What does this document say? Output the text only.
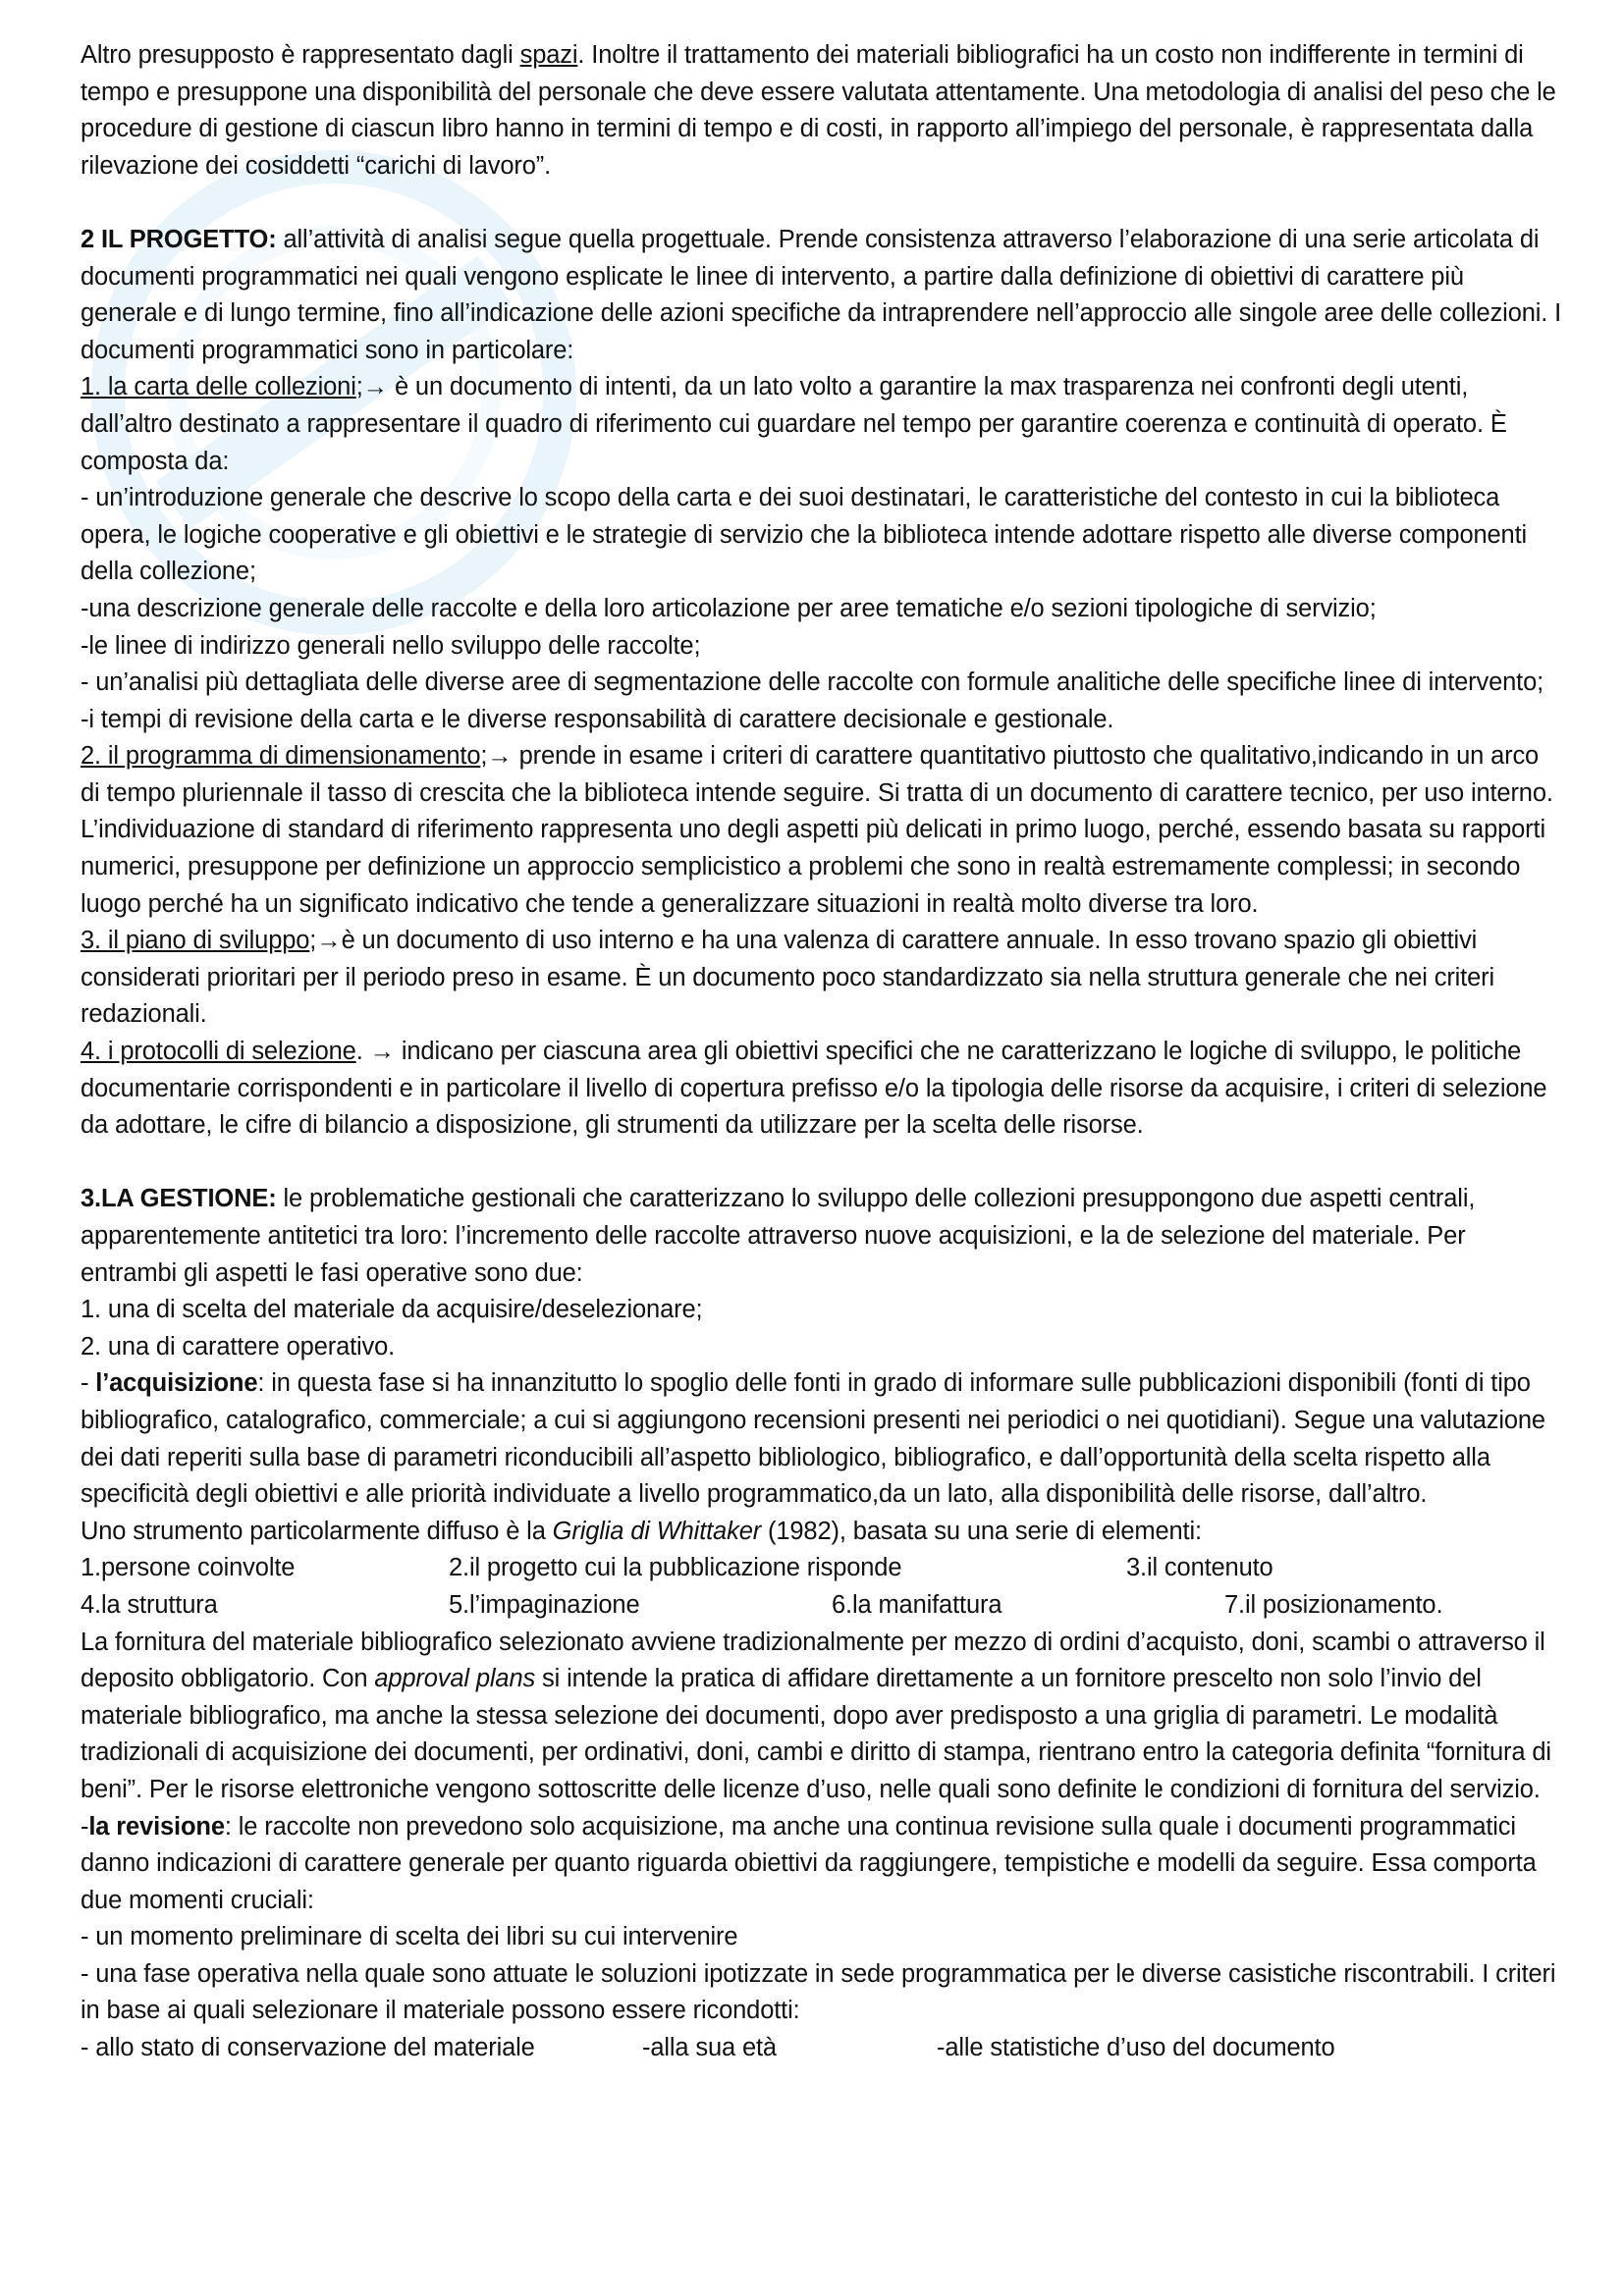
Altro presupposto è rappresentato dagli spazi. Inoltre il trattamento dei materiali bibliografici ha un costo non indifferente in termini di tempo e presuppone una disponibilità del personale che deve essere valutata attentamente. Una metodologia di analisi del peso che le procedure di gestione di ciascun libro hanno in termini di tempo e di costi, in rapporto all’impiego del personale, è rappresentata dalla rilevazione dei cosiddetti “carichi di lavoro”.

2 IL PROGETTO: all’attività di analisi segue quella progettuale. Prende consistenza attraverso l’elaborazione di una serie articolata di documenti programmatici nei quali vengono esplicate le linee di intervento, a partire dalla definizione di obiettivi di carattere più generale e di lungo termine, fino all’indicazione delle azioni specifiche da intraprendere nell’approccio alle singole aree delle collezioni. I documenti programmatici sono in particolare:

1. la carta delle collezioni;→ è un documento di intenti, da un lato volto a garantire la max trasparenza nei confronti degli utenti, dall’altro destinato a rappresentare il quadro di riferimento cui guardare nel tempo per garantire coerenza e continuità di operato. È composta da:

- un’introduzione generale che descrive lo scopo della carta e dei suoi destinatari, le caratteristiche del contesto in cui la biblioteca opera, le logiche cooperative e gli obiettivi e le strategie di servizio che la biblioteca intende adottare rispetto alle diverse componenti della collezione;

-una descrizione generale delle raccolte e della loro articolazione per aree tematiche e/o sezioni tipologiche di servizio;

-le linee di indirizzo generali nello sviluppo delle raccolte;

- un’analisi più dettagliata delle diverse aree di segmentazione delle raccolte con formule analitiche delle specifiche linee di intervento;

-i tempi di revisione della carta e le diverse responsabilità di carattere decisionale e gestionale.

2. il programma di dimensionamento;→ prende in esame i criteri di carattere quantitativo piuttosto che qualitativo,indicando in un arco di tempo pluriennale il tasso di crescita che la biblioteca intende seguire. Si tratta di un documento di carattere tecnico, per uso interno. L’individuazione di standard di riferimento rappresenta uno degli aspetti più delicati in primo luogo, perché, essendo basata su rapporti numerici, presuppone per definizione un approccio semplicistico a problemi che sono in realtà estremamente complessi; in secondo luogo perché ha un significato indicativo che tende a generalizzare situazioni in realtà molto diverse tra loro.

3. il piano di sviluppo;→è un documento di uso interno e ha una valenza di carattere annuale. In esso trovano spazio gli obiettivi considerati prioritari per il periodo preso in esame. È un documento poco standardizzato sia nella struttura generale che nei criteri redazionali.

4. i protocolli di selezione. → indicano per ciascuna area gli obiettivi specifici che ne caratterizzano le logiche di sviluppo, le politiche documentarie corrispondenti e in particolare il livello di copertura prefisso e/o la tipologia delle risorse da acquisire, i criteri di selezione da adottare, le cifre di bilancio a disposizione, gli strumenti da utilizzare per la scelta delle risorse.

3.LA GESTIONE: le problematiche gestionali che caratterizzano lo sviluppo delle collezioni presuppongono due aspetti centrali, apparentemente antitetici tra loro: l’incremento delle raccolte attraverso nuove acquisizioni, e la de selezione del materiale. Per entrambi gli aspetti le fasi operative sono due:

1. una di scelta del materiale da acquisire/deselezionare;

2. una di carattere operativo.

- l’acquisizione: in questa fase si ha innanzitutto lo spoglio delle fonti in grado di informare sulle pubblicazioni disponibili (fonti di tipo bibliografico, catalografico, commerciale; a cui si aggiungono recensioni presenti nei periodici o nei quotidiani). Segue una valutazione dei dati reperiti sulla base di parametri riconducibili all’aspetto bibliologico, bibliografico, e dall’opportunità della scelta rispetto alla specificità degli obiettivi e alle priorità individuate a livello programmatico,da un lato, alla disponibilità delle risorse, dall’altro.

Uno strumento particolarmente diffuso è la Griglia di Whittaker (1982), basata su una serie di elementi:

1.persone coinvolte	2.il progetto cui la pubblicazione risponde	3.il contenuto
4.la struttura	5.l’impaginazione	6.la manifattura	7.il posizionamento.

La fornitura del materiale bibliografico selezionato avviene tradizionalmente per mezzo di ordini d’acquisto, doni, scambi o attraverso il deposito obbligatorio. Con approval plans si intende la pratica di affidare direttamente a un fornitore prescelto non solo l’invio del materiale bibliografico, ma anche la stessa selezione dei documenti, dopo aver predisposto a una griglia di parametri. Le modalità tradizionali di acquisizione dei documenti, per ordinativi, doni, cambi e diritto di stampa, rientrano entro la categoria definita “fornitura di beni”. Per le risorse elettroniche vengono sottoscritte delle licenze d’uso, nelle quali sono definite le condizioni di fornitura del servizio.

-la revisione: le raccolte non prevedono solo acquisizione, ma anche una continua revisione sulla quale i documenti programmatici danno indicazioni di carattere generale per quanto riguarda obiettivi da raggiungere, tempistiche e modelli da seguire. Essa comporta due momenti cruciali:

- un momento preliminare di scelta dei libri su cui intervenire

- una fase operativa nella quale sono attuate le soluzioni ipotizzate in sede programmatica per le diverse casistiche riscontrabili. I criteri in base ai quali selezionare il materiale possono essere ricondotti:

- allo stato di conservazione del materiale	-alla sua età	-alle statistiche d’uso del documento
